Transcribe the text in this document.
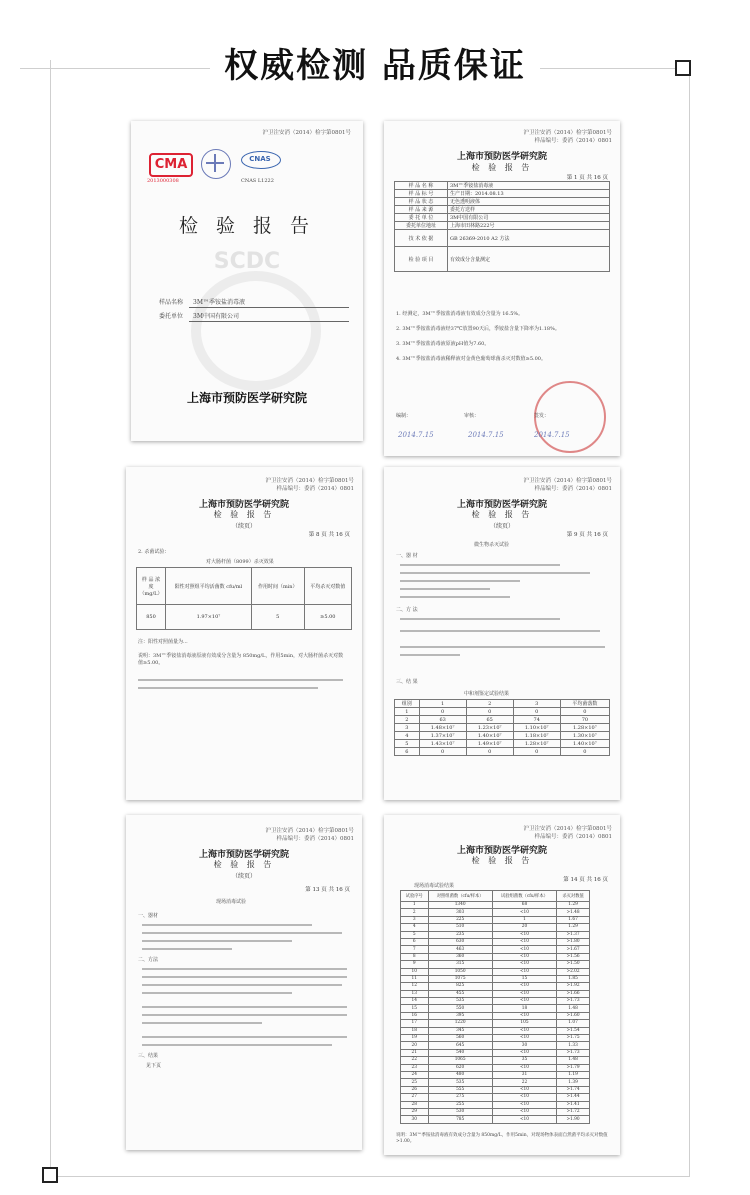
权威检测 品质保证
沪卫注安消（2014）检字第0801号
CMA
2013000308
CNAS
CNAS L1222
检 验 报 告
SCDC
样品名称 3M™季铵盐消毒液
委托单位 3M中国有限公司
上海市预防医学研究院
沪卫注安消（2014）检字第0801号
样品编号：委消（2014）0801
上海市预防医学研究院
检 验 报 告
第 1 页 共 16 页
样 品 名 称	3M™季铵盐消毒液
样 品 标 号	生产日期：2014.08.13
样 品 状 态	无色透明液体
样 品 来 源	委托方送样
委 托 单 位	3M中国有限公司
委托单位地址	上海市田林路222号
技 术 依 据	GB 26369-2010 A2 方法
检 验 项 目	有效成分含量测定
1. 经测定，3M™季铵盐消毒液有效成分含量为 16.5%。
2. 3M™季铵盐消毒液经37℃放置90天后，季铵盐含量下降率为1.18%。
3. 3M™季铵盐消毒液原液pH值为7.60。
4. 3M™季铵盐消毒液稀释液对金黄色葡萄球菌杀灭对数值≥5.00。
编制：	审核：	签发：
2014.7.15	2014.7.15	2014.7.15
沪卫注安消（2014）检字第0801号
样品编号：委消（2014）0801
上海市预防医学研究院
检 验 报 告
（续页）
第 8 页 共 16 页
2. 杀菌试验：
对大肠杆菌（8099）杀灭效果
样 品 浓 度（mg/L）	阳性对照组平均活菌数 cfu/ml	作用时间（min）	平均杀灭对数值
850	1.97×10⁷	5	≥5.00
注：阳性对照菌量为...
说明：3M™季铵盐消毒液原液有效成分含量为 850mg/L，作用5min，对大肠杆菌杀灭对数值≥5.00。
沪卫注安消（2014）检字第0801号
样品编号：委消（2014）0801
上海市预防医学研究院
检 验 报 告
（续页）
第 9 页 共 16 页
微生物杀灭试验
一、器 材
二、方 法
三、结 果
中和剂鉴定试验结果
组别	1	2	3	平均菌落数
1	0	0	0	0
2	63	65	74	70
3	1.48×10⁷	1.23×10⁷	1.10×10⁷	1.28×10⁷
4	1.37×10⁷	1.40×10⁷	1.18×10⁷	1.30×10⁷
5	1.43×10⁷	1.49×10⁷	1.28×10⁷	1.40×10⁷
6	0	0	0	0
沪卫注安消（2014）检字第0801号
样品编号：委消（2014）0801
上海市预防医学研究院
检 验 报 告
（续页）
第 13 页 共 16 页
现场消毒试验
一、器材
二、方法
三、结果
见下页
沪卫注安消（2014）检字第0801号
样品编号：委消（2014）0801
上海市预防医学研究院
检 验 报 告
第 14 页 共 16 页
现场消毒试验结果
试验序号	对照组菌数（cfu/样本）	试验组菌数（cfu/样本）	杀灭对数值
1	1340	68	1.29
2	303	<10	>1.48
3	225	1	1.67
4	510	20	1.29
5	235	<10	>1.37
6	630	<10	>1.80
7	463	<10	>1.67
8	360	<10	>1.56
9	315	<10	>1.50
10	1050	<10	>2.02
11	1075	15	1.85
12	825	<10	>1.92
13	455	<10	>1.66
14	535	<10	>1.73
15	550	18	1.48
16	395	<10	>1.60
17	1220	105	1.07
18	345	<10	>1.54
19	560	<10	>1.75
20	645	30	1.33
21	540	<10	>1.73
22	1065	35	1.48
23	620	<10	>1.79
24	480	31	1.19
25	535	22	1.39
26	555	<10	>1.74
27	275	<10	>1.44
28	255	<10	>1.41
29	530	<10	>1.72
30	785	<10	>1.90
说明：3M™季铵盐消毒液有效成分含量为 850mg/L，作用5min，对现场物体表面自然菌平均杀灭对数值>1.00。
